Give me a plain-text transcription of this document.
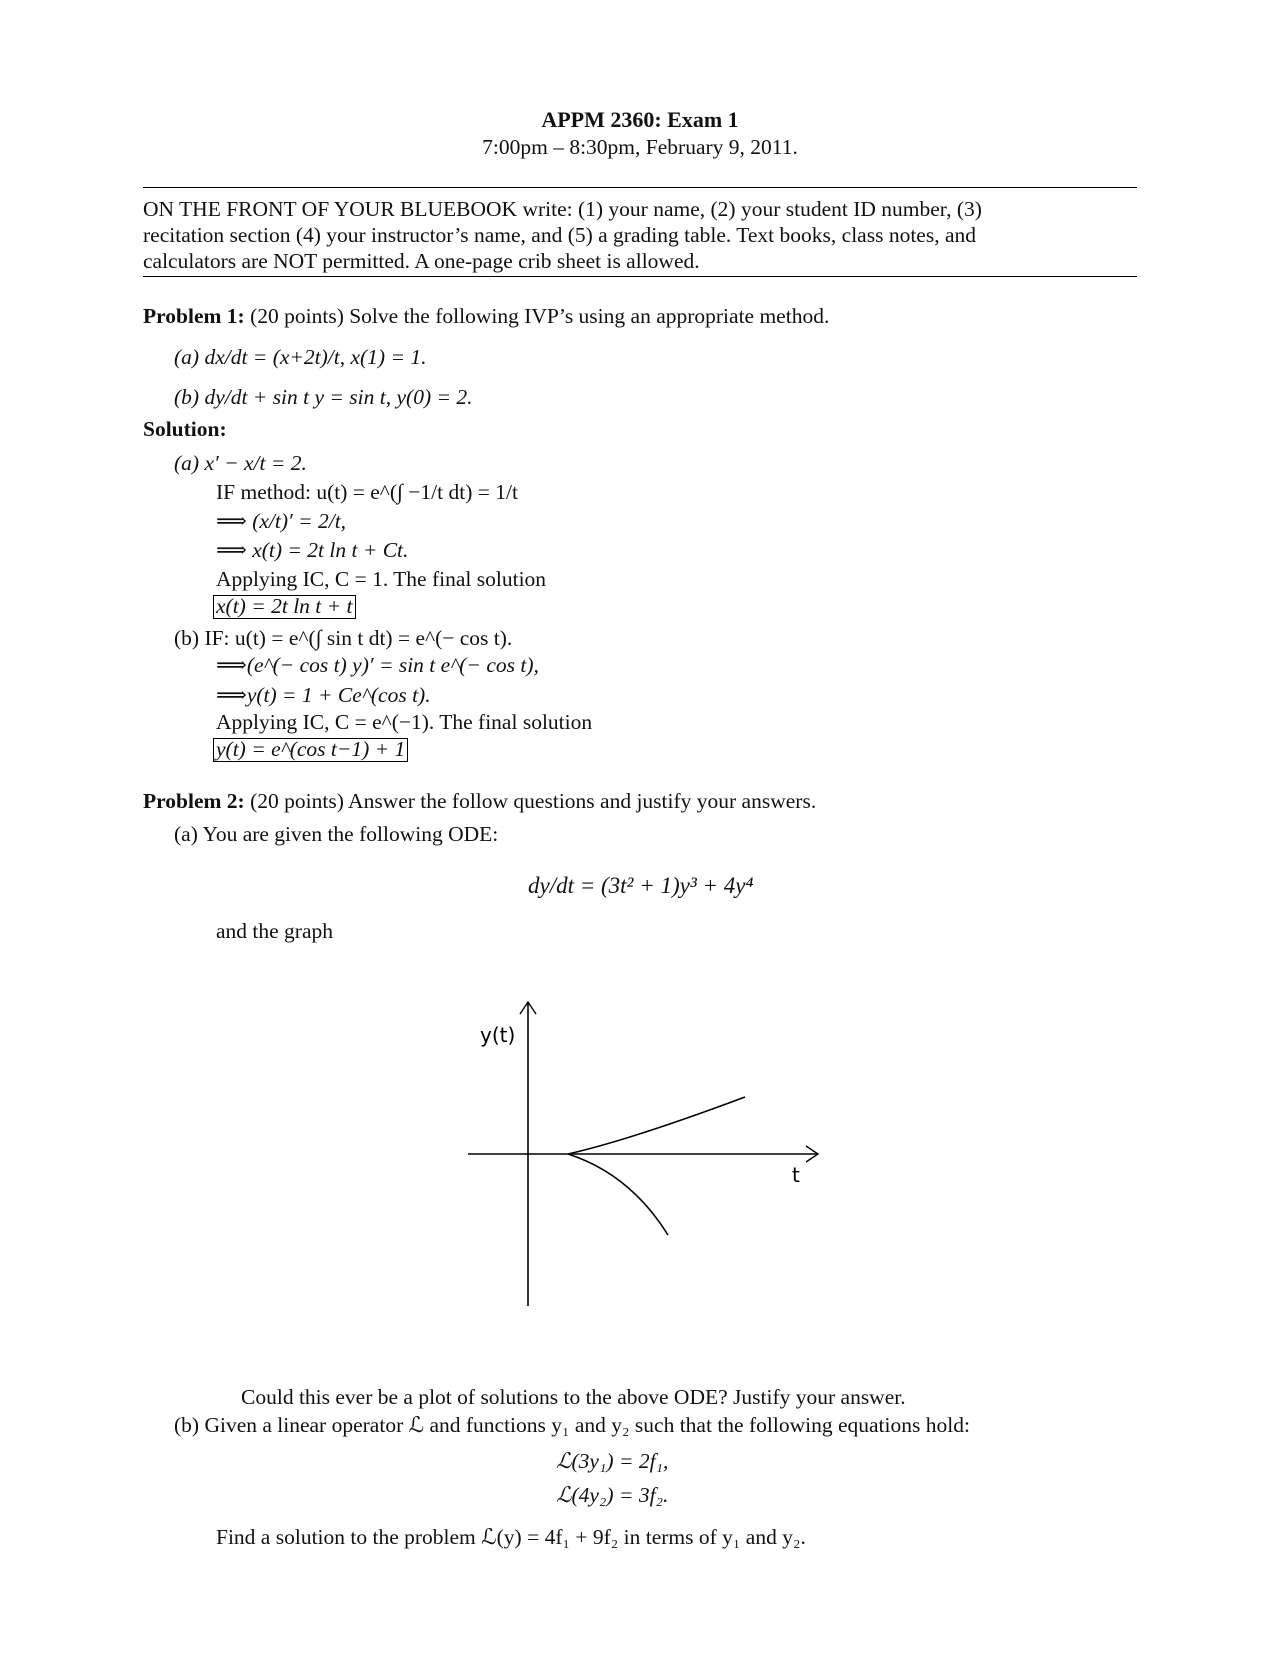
APPM 2360: Exam 1
7:00pm – 8:30pm, February 9, 2011.
ON THE FRONT OF YOUR BLUEBOOK write: (1) your name, (2) your student ID number, (3)
recitation section (4) your instructor’s name, and (5) a grading table. Text books, class notes, and
calculators are NOT permitted. A one-page crib sheet is allowed.
Problem 1: (20 points) Solve the following IVP’s using an appropriate method.
(a) dx/dt = (x+2t)/t, x(1) = 1.
(b) dy/dt + sin t y = sin t, y(0) = 2.
Solution:
(a) x′ − x/t = 2.
IF method: u(t) = e^(∫ −1/t dt) = 1/t
⟹ (x/t)′ = 2/t,
⟹ x(t) = 2t ln t + Ct.
Applying IC, C = 1. The final solution
x(t) = 2t ln t + t
(b) IF: u(t) = e^(∫ sin t dt) = e^(− cos t).
⟹(e^(− cos t) y)′ = sin t e^(− cos t),
⟹y(t) = 1 + Ce^(cos t).
Applying IC, C = e^(−1). The final solution
y(t) = e^(cos t−1) + 1
Problem 2: (20 points) Answer the follow questions and justify your answers.
(a) You are given the following ODE:
dy/dt = (3t² + 1)y³ + 4y⁴
and the graph
y(t)
t
Could this ever be a plot of solutions to the above ODE? Justify your answer.
(b) Given a linear operator ℒ and functions y₁ and y₂ such that the following equations hold:
ℒ(3y₁) = 2f₁,
ℒ(4y₂) = 3f₂.
Find a solution to the problem ℒ(y) = 4f₁ + 9f₂ in terms of y₁ and y₂.
